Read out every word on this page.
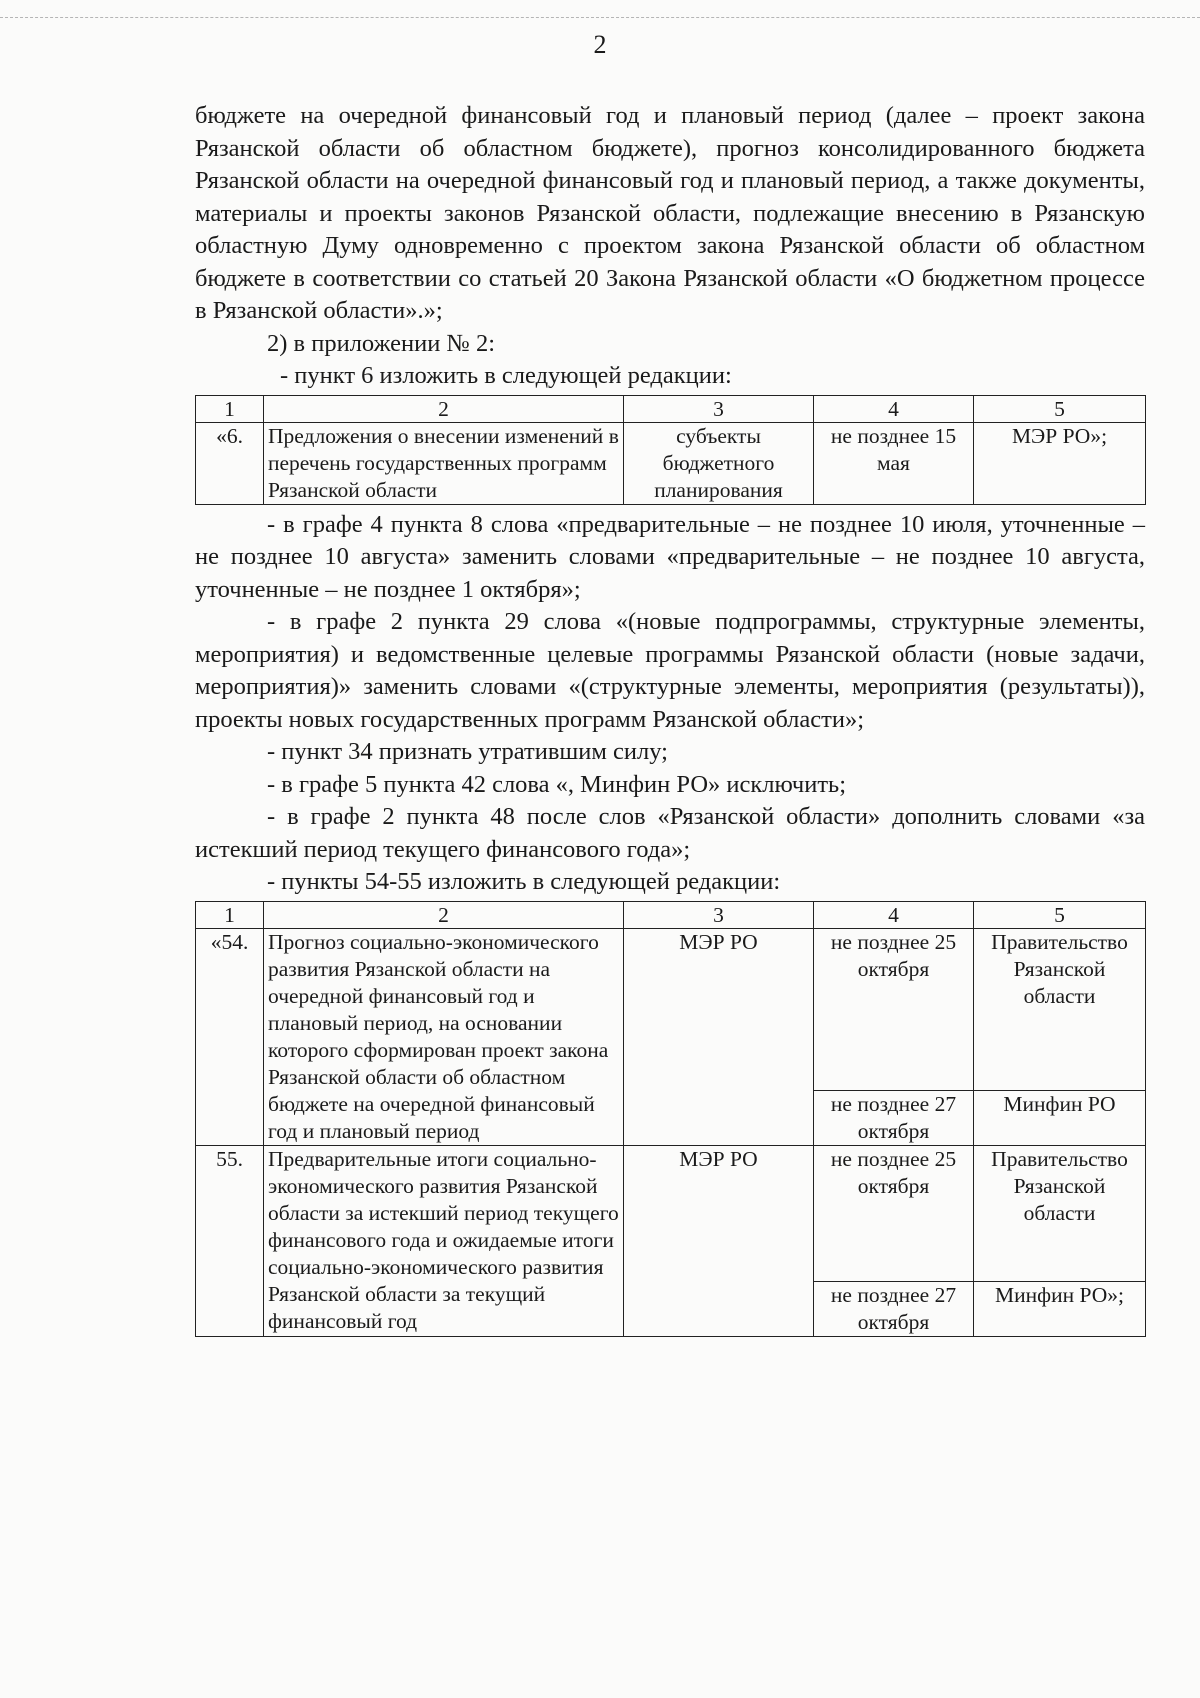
2

бюджете на очередной финансовый год и плановый период (далее – проект закона Рязанской области об областном бюджете), прогноз консолидированного бюджета Рязанской области на очередной финансовый год и плановый период, а также документы, материалы и проекты законов Рязанской области, подлежащие внесению в Рязанскую областную Думу одновременно с проектом закона Рязанской области об областном бюджете в соответствии со статьей 20 Закона Рязанской области «О бюджетном процессе в Рязанской области».»;

2) в приложении № 2:

- пункт 6 изложить в следующей редакции:

1	2	3	4	5
«6.	Предложения о внесении изменений в перечень государственных программ Рязанской области	субъекты бюджетного планирования	не позднее 15 мая	МЭР РО»;

- в графе 4 пункта 8 слова «предварительные – не позднее 10 июля, уточненные – не позднее 10 августа» заменить словами «предварительные – не позднее 10 августа, уточненные – не позднее 1 октября»;

- в графе 2 пункта 29 слова «(новые подпрограммы, структурные элементы, мероприятия) и ведомственные целевые программы Рязанской области (новые задачи, мероприятия)» заменить словами «(структурные элементы, мероприятия (результаты)), проекты новых государственных программ Рязанской области»;

- пункт 34 признать утратившим силу;

- в графе 5 пункта 42 слова «, Минфин РО» исключить;

- в графе 2 пункта 48 после слов «Рязанской области» дополнить словами «за истекший период текущего финансового года»;

- пункты 54-55 изложить в следующей редакции:

1	2	3	4	5
«54.	Прогноз социально-экономического развития Рязанской области на очередной финансовый год и плановый период, на основании которого сформирован проект закона Рязанской области об областном бюджете на очередной финансовый год и плановый период	МЭР РО	не позднее 25 октября	Правительство Рязанской области
			не позднее 27 октября	Минфин РО
55.	Предварительные итоги социально-экономического развития Рязанской области за истекший период текущего финансового года и ожидаемые итоги социально-экономического развития Рязанской области за текущий финансовый год	МЭР РО	не позднее 25 октября	Правительство Рязанской области
			не позднее 27 октября	Минфин РО»;
